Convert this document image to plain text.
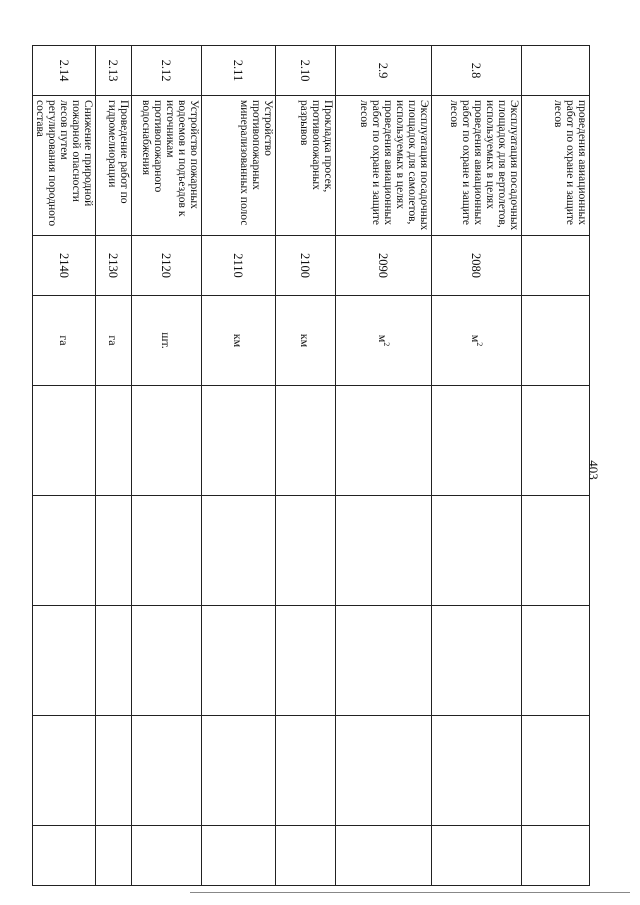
403
	проведения авиационных работ по охране и защите лесов							
2.8	Эксплуатация посадочных площадок для вертолетов, используемых в целях проведения авиационных работ по охране и защите лесов	2080	$м^2$					
2.9	Эксплуатация посадочных площадок для самолетов, используемых в целях проведения авиационных работ по охране и защите лесов	2090	$м^2$					
2.10	Прокладка просек, противопожарных разрывов	2100	км					
2.11	Устройство противопожарных минерализованных полос	2110	км					
2.12	Устройство пожарных водоемов и подъездов к источникам противопожарного водоснабжения	2120	шт.					
2.13	Проведение работ по гидромелиорации	2130	га					
2.14	Снижение природной пожарной опасности лесов путем регулирования породного состава	2140	га					
